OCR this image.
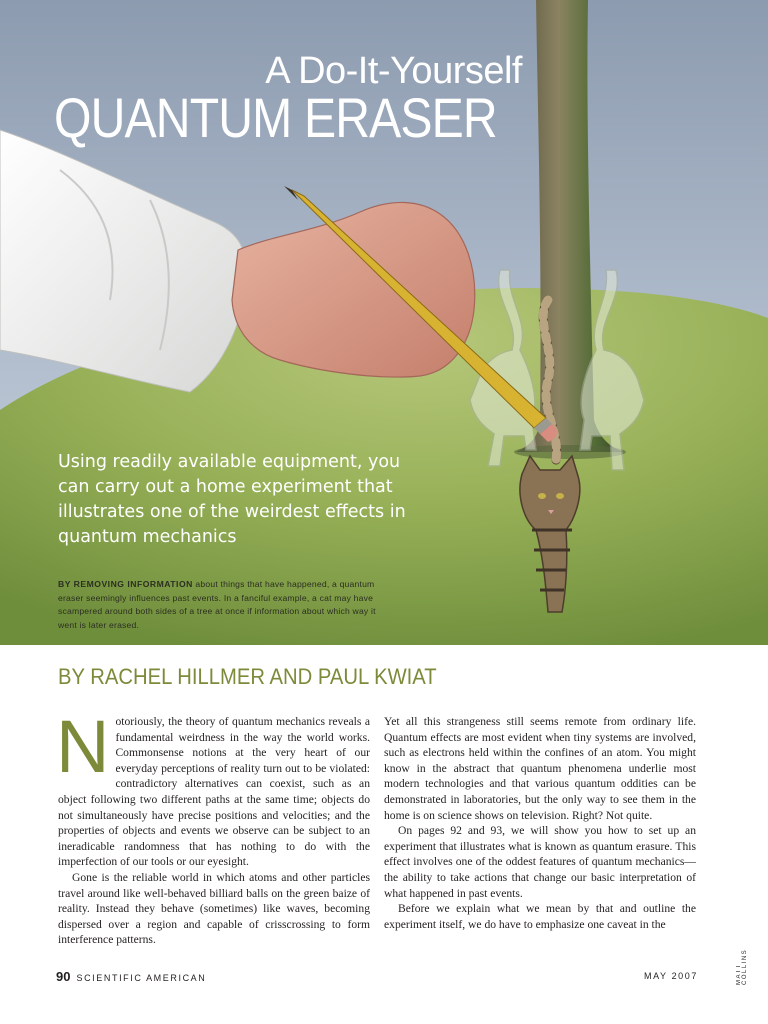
A Do-It-Yourself
QUANTUM ERASER
Using readily available equipment, you can carry out a home experiment that illustrates one of the weirdest effects in quantum mechanics
BY REMOVING INFORMATION about things that have happened, a quantum eraser seemingly influences past events. In a fanciful example, a cat may have scampered around both sides of a tree at once if information about which way it went is later erased.
BY RACHEL HILLMER AND PAUL KWIAT

Notoriously, the theory of quantum mechanics reveals a fundamental weirdness in the way the world works. Commonsense notions at the very heart of our everyday perceptions of reality turn out to be violated: contradictory alternatives can coexist, such as an object following two different paths at the same time; objects do not simultaneously have precise positions and velocities; and the properties of objects and events we observe can be subject to an ineradicable randomness that has nothing to do with the imperfection of our tools or our eyesight.

Gone is the reliable world in which atoms and other particles travel around like well-behaved billiard balls on the green baize of reality. Instead they behave (sometimes) like waves, becoming dispersed over a region and capable of crisscrossing to form interference patterns.

Yet all this strangeness still seems remote from ordinary life. Quantum effects are most evident when tiny systems are involved, such as electrons held within the confines of an atom. You might know in the abstract that quantum phenomena underlie most modern technologies and that various quantum oddities can be demonstrated in laboratories, but the only way to see them in the home is on science shows on television. Right? Not quite.

On pages 92 and 93, we will show you how to set up an experiment that illustrates what is known as quantum erasure. This effect involves one of the oddest features of quantum mechanics—the ability to take actions that change our basic interpretation of what happened in past events.

Before we explain what we mean by that and outline the experiment itself, we do have to emphasize one caveat in the

MATT COLLINS
90 SCIENTIFIC AMERICAN	MAY 2007
